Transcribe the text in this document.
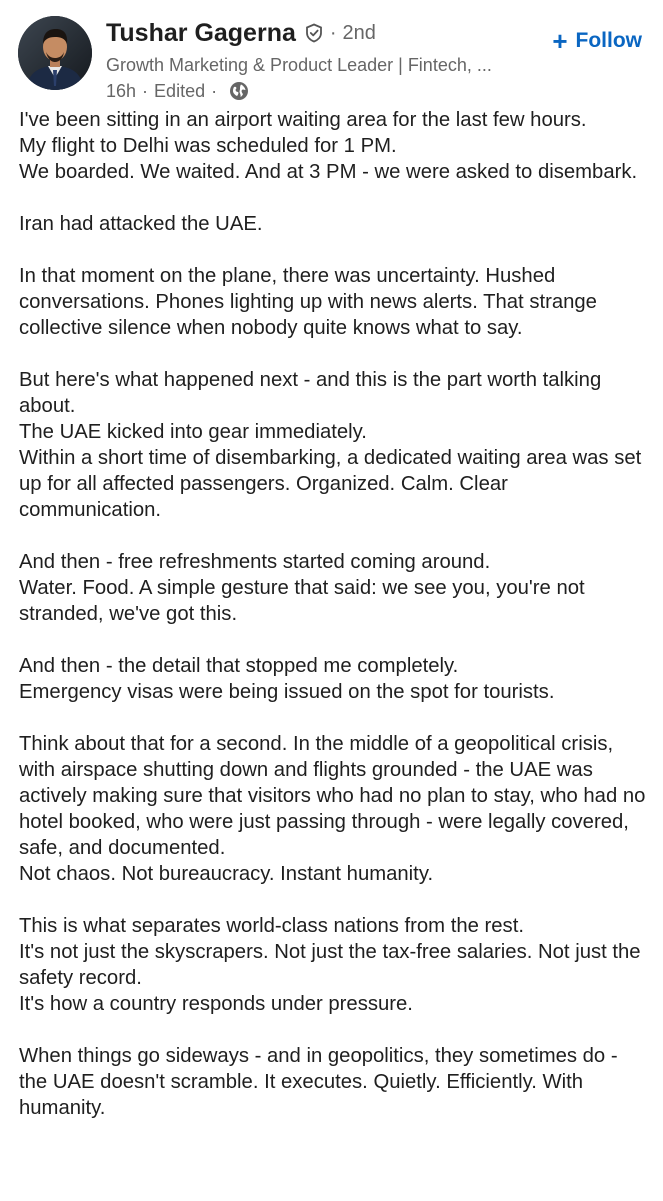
Tushar Gagerna · 2nd
Growth Marketing & Product Leader | Fintech, ...
16h · Edited ·
+ Follow

I've been sitting in an airport waiting area for the last few hours.
My flight to Delhi was scheduled for 1 PM.
We boarded. We waited. And at 3 PM - we were asked to disembark.

Iran had attacked the UAE.

In that moment on the plane, there was uncertainty. Hushed conversations. Phones lighting up with news alerts. That strange collective silence when nobody quite knows what to say.

But here's what happened next - and this is the part worth talking about.
The UAE kicked into gear immediately.
Within a short time of disembarking, a dedicated waiting area was set up for all affected passengers. Organized. Calm. Clear communication.

And then - free refreshments started coming around.
Water. Food. A simple gesture that said: we see you, you're not stranded, we've got this.

And then - the detail that stopped me completely.
Emergency visas were being issued on the spot for tourists.

Think about that for a second. In the middle of a geopolitical crisis, with airspace shutting down and flights grounded - the UAE was actively making sure that visitors who had no plan to stay, who had no hotel booked, who were just passing through - were legally covered, safe, and documented.
Not chaos. Not bureaucracy. Instant humanity.

This is what separates world-class nations from the rest.
It's not just the skyscrapers. Not just the tax-free salaries. Not just the safety record.
It's how a country responds under pressure.

When things go sideways - and in geopolitics, they sometimes do - the UAE doesn't scramble. It executes. Quietly. Efficiently. With humanity.
